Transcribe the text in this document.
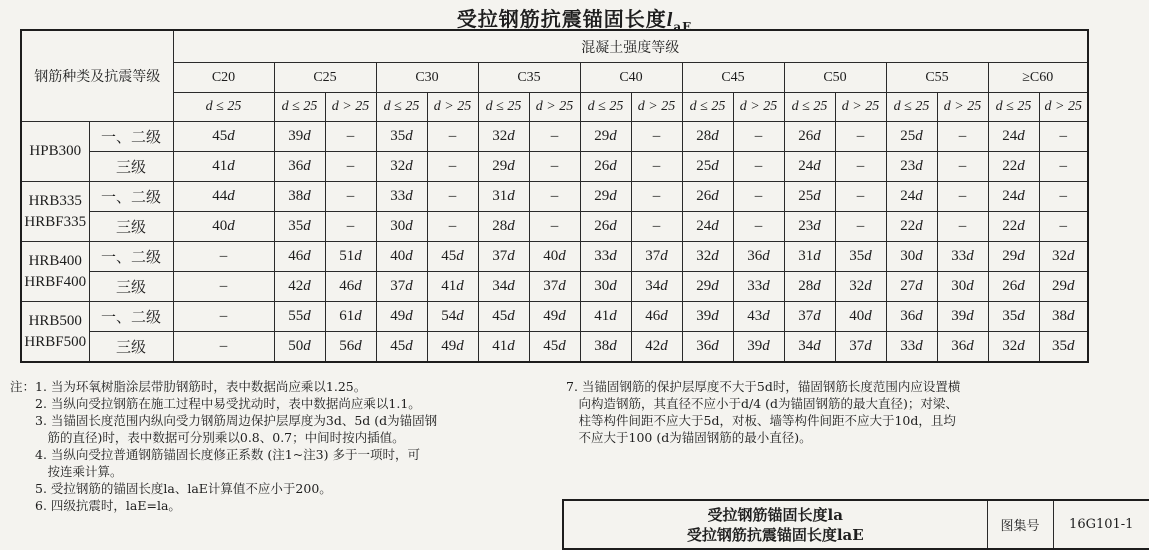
受拉钢筋抗震锚固长度$l_{aE}$
钢筋种类及抗震等级		混凝土强度等级																
		C20	C25		C30		C35		C40		C45		C50		C55		≥C60	
		d ≤ 25	d ≤ 25	d > 25	d ≤ 25	d > 25	d ≤ 25	d > 25	d ≤ 25	d > 25	d ≤ 25	d > 25	d ≤ 25	d > 25	d ≤ 25	d > 25	d ≤ 25	d > 25

HPB300	一、二级	45d	39d	–	35d	–	32d	–	29d	–	28d	–	26d	–	25d	–	24d	–
	三级	41d	36d	–	32d	–	29d	–	26d	–	25d	–	24d	–	23d	–	22d	–

HRB335
HRBF335	一、二级	44d	38d	–	33d	–	31d	–	29d	–	26d	–	25d	–	24d	–	24d	–
	三级	40d	35d	–	30d	–	28d	–	26d	–	24d	–	23d	–	22d	–	22d	–

HRB400
HRBF400	一、二级	–	46d	51d	40d	45d	37d	40d	33d	37d	32d	36d	31d	35d	30d	33d	29d	32d
	三级	–	42d	46d	37d	41d	34d	37d	30d	34d	29d	33d	28d	32d	27d	30d	26d	29d

HRB500
HRBF500	一、二级	–	55d	61d	49d	54d	45d	49d	41d	46d	39d	43d	37d	40d	36d	39d	35d	38d
	三级	–	50d	56d	45d	49d	41d	45d	38d	42d	36d	39d	34d	37d	33d	36d	32d	35d
注：1. 当为环氧树脂涂层带肋钢筋时，表中数据尚应乘以1.25。
　　2. 当纵向受拉钢筋在施工过程中易受扰动时，表中数据尚应乘以1.1。
　　3. 当锚固长度范围内纵向受力钢筋周边保护层厚度为3d、5d (d为锚固钢
　　　筋的直径)时，表中数据可分别乘以0.8、0.7；中间时按内插值。
　　4. 当纵向受拉普通钢筋锚固长度修正系数 (注1~注3) 多于一项时，可
　　　按连乘计算。
　　5. 受拉钢筋的锚固长度la、laE计算值不应小于200。
　　6. 四级抗震时，laE=la。
7. 当锚固钢筋的保护层厚度不大于5d时，锚固钢筋长度范围内应设置横
　向构造钢筋，其直径不应小于d/4 (d为锚固钢筋的最大直径)；对梁、
　柱等构件间距不应大于5d，对板、墙等构件间距不应大于10d，且均
　不应大于100 (d为锚固钢筋的最小直径)。
受拉钢筋锚固长度la
受拉钢筋抗震锚固长度laE	图集号	16G101-1
